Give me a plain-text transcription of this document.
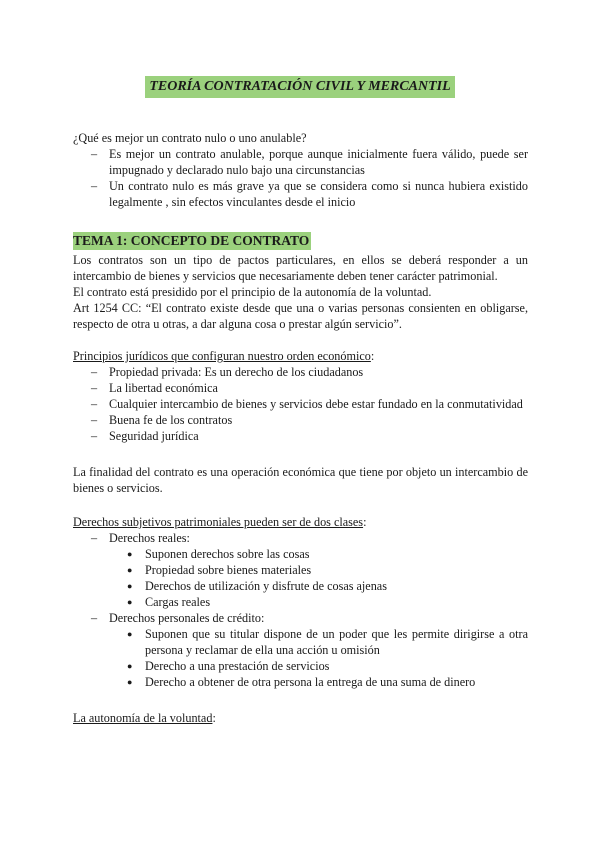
TEORÍA CONTRATACIÓN CIVIL Y MERCANTIL

¿Qué es mejor un contrato nulo o uno anulable?

– Es mejor un contrato anulable, porque aunque inicialmente fuera válido, puede ser impugnado y declarado nulo bajo una circunstancias
– Un contrato nulo es más grave ya que se considera como si nunca hubiera existido legalmente , sin efectos vinculantes desde el inicio
TEMA 1: CONCEPTO DE CONTRATO

Los contratos son un tipo de pactos particulares, en ellos se deberá responder a un intercambio de bienes y servicios que necesariamente deben tener carácter patrimonial.

El contrato está presidido por el principio de la autonomía de la voluntad.

Art 1254 CC: “El contrato existe desde que una o varias personas consienten en obligarse, respecto de otra u otras, a dar alguna cosa o prestar algún servicio”.

Principios jurídicos que configuran nuestro orden económico:

– Propiedad privada: Es un derecho de los ciudadanos
– La libertad económica
– Cualquier intercambio de bienes y servicios debe estar fundado en la conmutatividad
– Buena fe de los contratos
– Seguridad jurídica

La finalidad del contrato es una operación económica que tiene por objeto un intercambio de bienes o servicios.

Derechos subjetivos patrimoniales pueden ser de dos clases:

– Derechos reales:
● Suponen derechos sobre las cosas
● Propiedad sobre bienes materiales
● Derechos de utilización y disfrute de cosas ajenas
● Cargas reales
– Derechos personales de crédito:
● Suponen que su titular dispone de un poder que les permite dirigirse a otra persona y reclamar de ella una acción u omisión
● Derecho a una prestación de servicios
● Derecho a obtener de otra persona la entrega de una suma de dinero

La autonomía de la voluntad:
